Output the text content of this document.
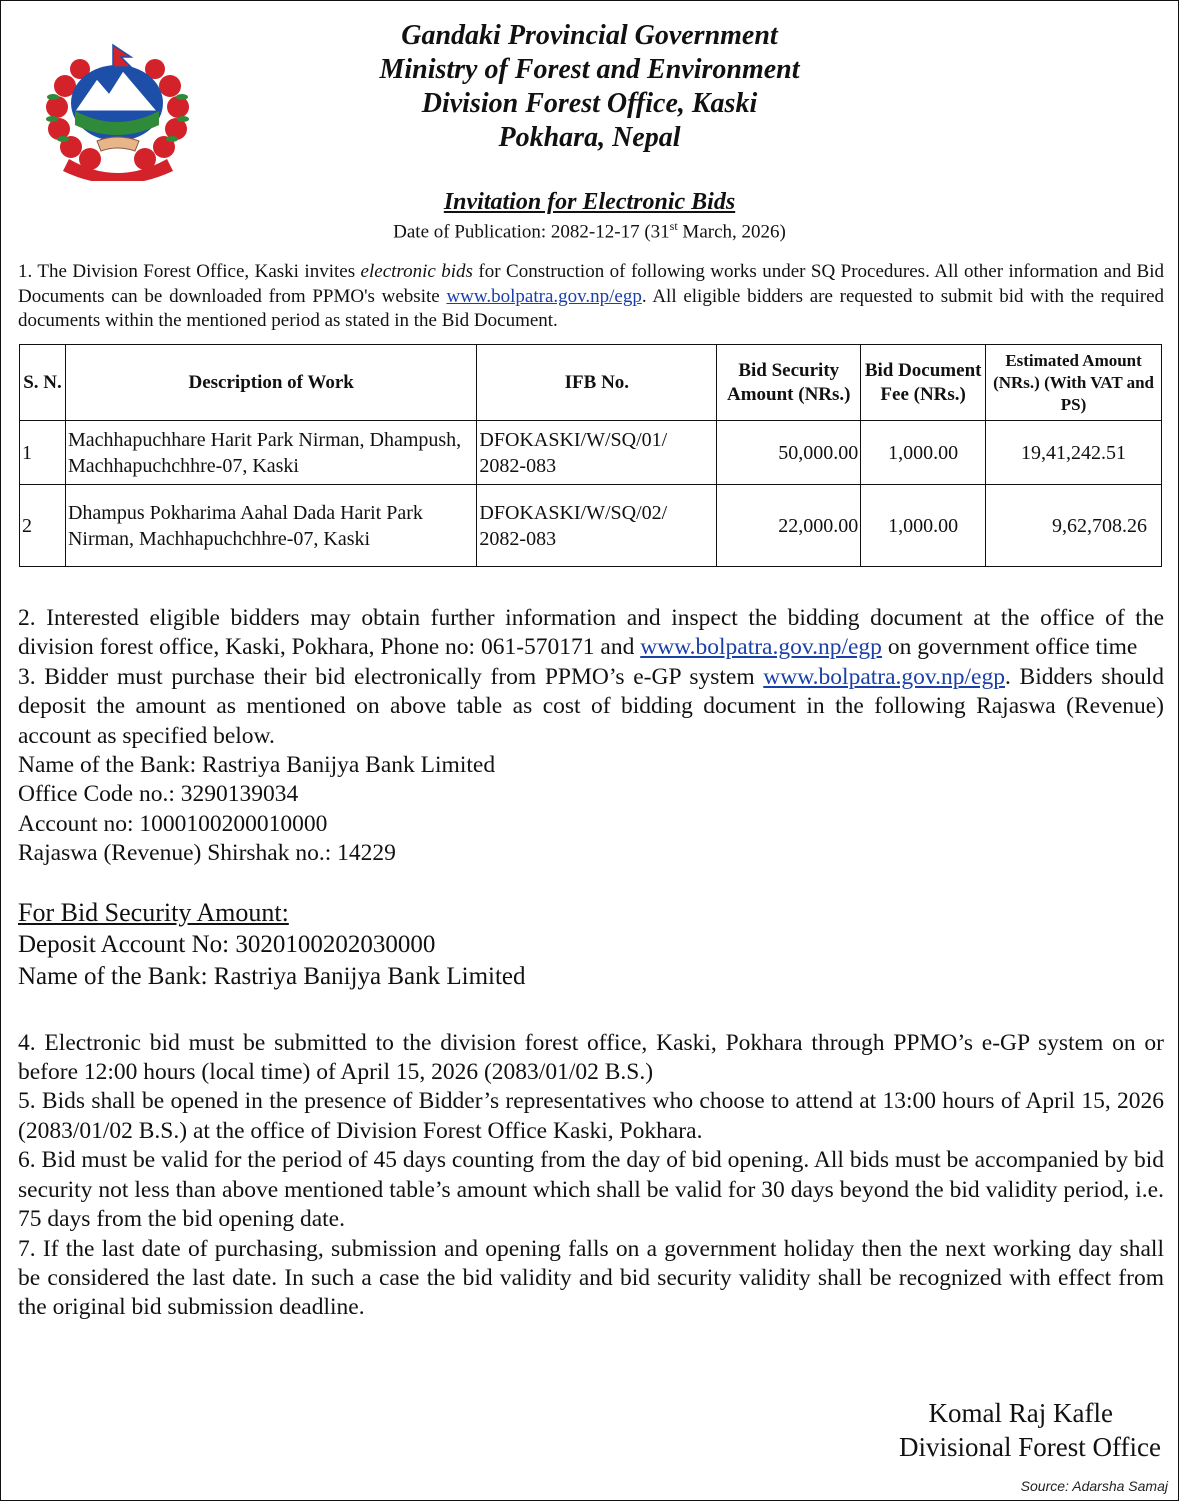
Gandaki Provincial Government
Ministry of Forest and Environment
Division Forest Office, Kaski
Pokhara, Nepal
Invitation for Electronic Bids
Date of Publication: 2082-12-17 (31st March, 2026)

1. The Division Forest Office, Kaski invites electronic bids for Construction of following works under SQ Procedures. All other information and Bid Documents can be downloaded from PPMO's website www.bolpatra.gov.np/egp. All eligible bidders are requested to submit bid with the required documents within the mentioned period as stated in the Bid Document.

S. N.	Description of Work	IFB No.	Bid Security Amount (NRs.)	Bid Document Fee (NRs.)	Estimated Amount (NRs.) (With VAT and PS)
1	Machhapuchhare Harit Park Nirman, Dhampush, Machhapuchchhre-07, Kaski	DFOKASKI/W/SQ/01/ 2082-083	50,000.00	1,000.00	19,41,242.51
2	Dhampus Pokharima Aahal Dada Harit Park Nirman, Machhapuchchhre-07, Kaski	DFOKASKI/W/SQ/02/ 2082-083	22,000.00	1,000.00	9,62,708.26

2. Interested eligible bidders may obtain further information and inspect the bidding document at the office of the division forest office, Kaski, Pokhara, Phone no: 061-570171 and www.bolpatra.gov.np/egp on government office time

3. Bidder must purchase their bid electronically from PPMO’s e-GP system www.bolpatra.gov.np/egp. Bidders should deposit the amount as mentioned on above table as cost of bidding document in the following Rajaswa (Revenue) account as specified below.

Name of the Bank: Rastriya Banijya Bank Limited

Office Code no.: 3290139034

Account no: 1000100200010000

Rajaswa (Revenue) Shirshak no.: 14229

For Bid Security Amount:

Deposit Account No: 3020100202030000

Name of the Bank: Rastriya Banijya Bank Limited

4. Electronic bid must be submitted to the division forest office, Kaski, Pokhara through PPMO’s e-GP system on or before 12:00 hours (local time) of April 15, 2026 (2083/01/02 B.S.)

5. Bids shall be opened in the presence of Bidder’s representatives who choose to attend at 13:00 hours of April 15, 2026 (2083/01/02 B.S.) at the office of Division Forest Office Kaski, Pokhara.

6. Bid must be valid for the period of 45 days counting from the day of bid opening. All bids must be accompanied by bid security not less than above mentioned table’s amount which shall be valid for 30 days beyond the bid validity period, i.e. 75 days from the bid opening date.

7. If the last date of purchasing, submission and opening falls on a government holiday then the next working day shall be considered the last date. In such a case the bid validity and bid security validity shall be recognized with effect from the original bid submission deadline.

Komal Raj Kafle
Divisional Forest Office
Source: Adarsha Samaj
